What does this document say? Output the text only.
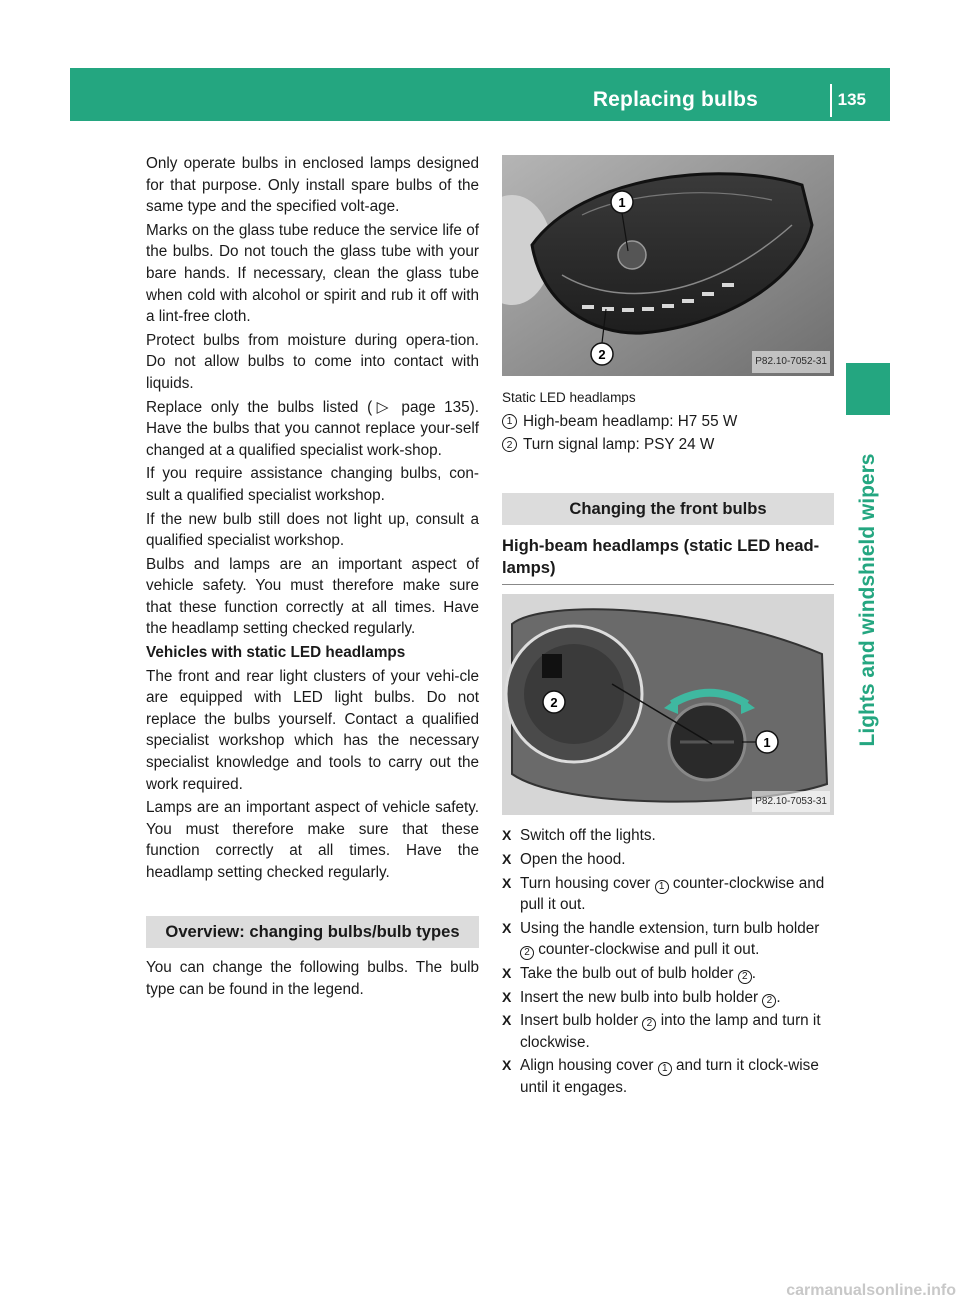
Replacing bulbs	135
Lights and windshield wipers

Only operate bulbs in enclosed lamps designed for that purpose. Only install spare bulbs of the same type and the specified volt-age.

Marks on the glass tube reduce the service life of the bulbs. Do not touch the glass tube with your bare hands. If necessary, clean the glass tube when cold with alcohol or spirit and rub it off with a lint-free cloth.

Protect bulbs from moisture during opera-tion. Do not allow bulbs to come into contact with liquids.

Replace only the bulbs listed (▷ page 135). Have the bulbs that you cannot replace your-self changed at a qualified specialist work-shop.

If you require assistance changing bulbs, con-sult a qualified specialist workshop.

If the new bulb still does not light up, consult a qualified specialist workshop.

Bulbs and lamps are an important aspect of vehicle safety. You must therefore make sure that these function correctly at all times. Have the headlamp setting checked regularly.

Vehicles with static LED headlamps

The front and rear light clusters of your vehi-cle are equipped with LED light bulbs. Do not replace the bulbs yourself. Contact a qualified specialist workshop which has the necessary specialist knowledge and tools to carry out the work required.

Lamps are an important aspect of vehicle safety. You must therefore make sure that these function correctly at all times. Have the headlamp setting checked regularly.

Overview: changing bulbs/bulb types

You can change the following bulbs. The bulb type can be found in the legend.

1
2	P82.10-7052-31
Static LED headlamps
1 High-beam headlamp: H7 55 W
2 Turn signal lamp: PSY 24 W
Changing the front bulbs
High-beam headlamps (static LED head-lamps)
1
2
P82.10-7053-31
X Switch off the lights.
X Open the hood.
X Turn housing cover 1 counter-clockwise and pull it out.
X Using the handle extension, turn bulb holder 2 counter-clockwise and pull it out.
X Take the bulb out of bulb holder 2 .
X Insert the new bulb into bulb holder 2 .
X Insert bulb holder 2 into the lamp and turn it clockwise.
X Align housing cover 1 and turn it clock-wise until it engages.
carmanualsonline.info
